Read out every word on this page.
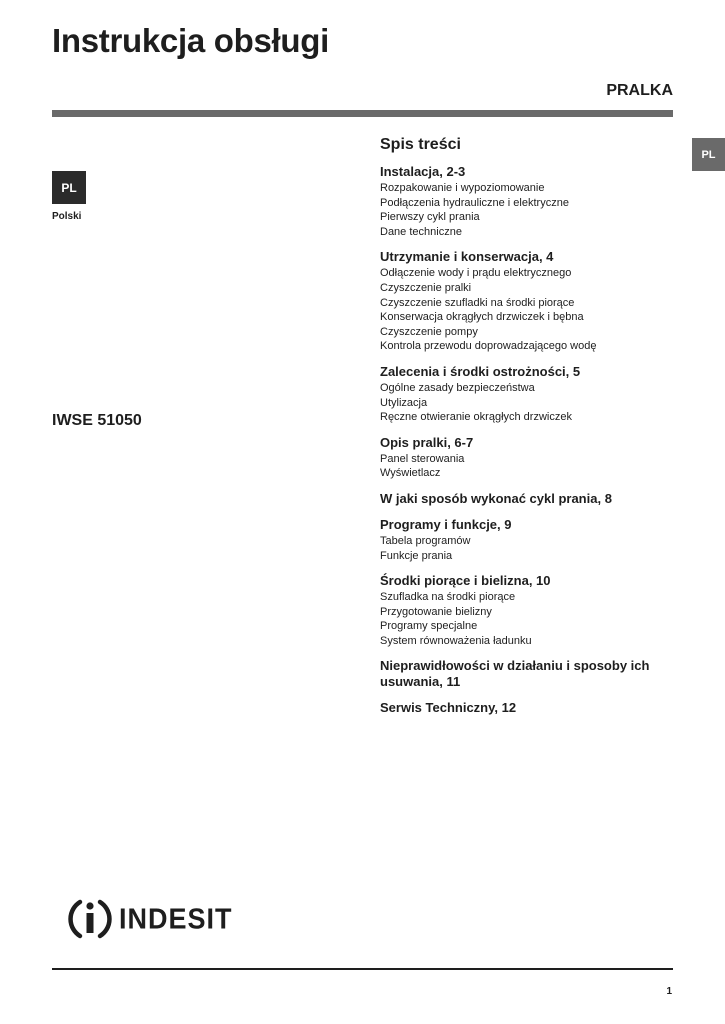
Instrukcja obsługi
PRALKA
PL
Polski
PL
IWSE 51050
Spis treści
Instalacja, 2-3
Rozpakowanie i wypoziomowanie
Podłączenia hydrauliczne i elektryczne
Pierwszy cykl prania
Dane techniczne
Utrzymanie i konserwacja, 4
Odłączenie wody i prądu elektrycznego
Czyszczenie pralki
Czyszczenie szufladki na środki piorące
Konserwacja okrągłych drzwiczek i bębna
Czyszczenie pompy
Kontrola przewodu doprowadzającego wodę
Zalecenia i środki ostrożności, 5
Ogólne zasady bezpieczeństwa
Utylizacja
Ręczne otwieranie okrągłych drzwiczek
Opis pralki, 6-7
Panel sterowania
Wyświetlacz
W jaki sposób wykonać cykl prania, 8
Programy i funkcje, 9
Tabela programów
Funkcje prania
Środki piorące i bielizna, 10
Szufladka na środki piorące
Przygotowanie bielizny
Programy specjalne
System równoważenia ładunku
Nieprawidłowości w działaniu i sposoby ich usuwania, 11
Serwis Techniczny, 12
INDESIT
1
